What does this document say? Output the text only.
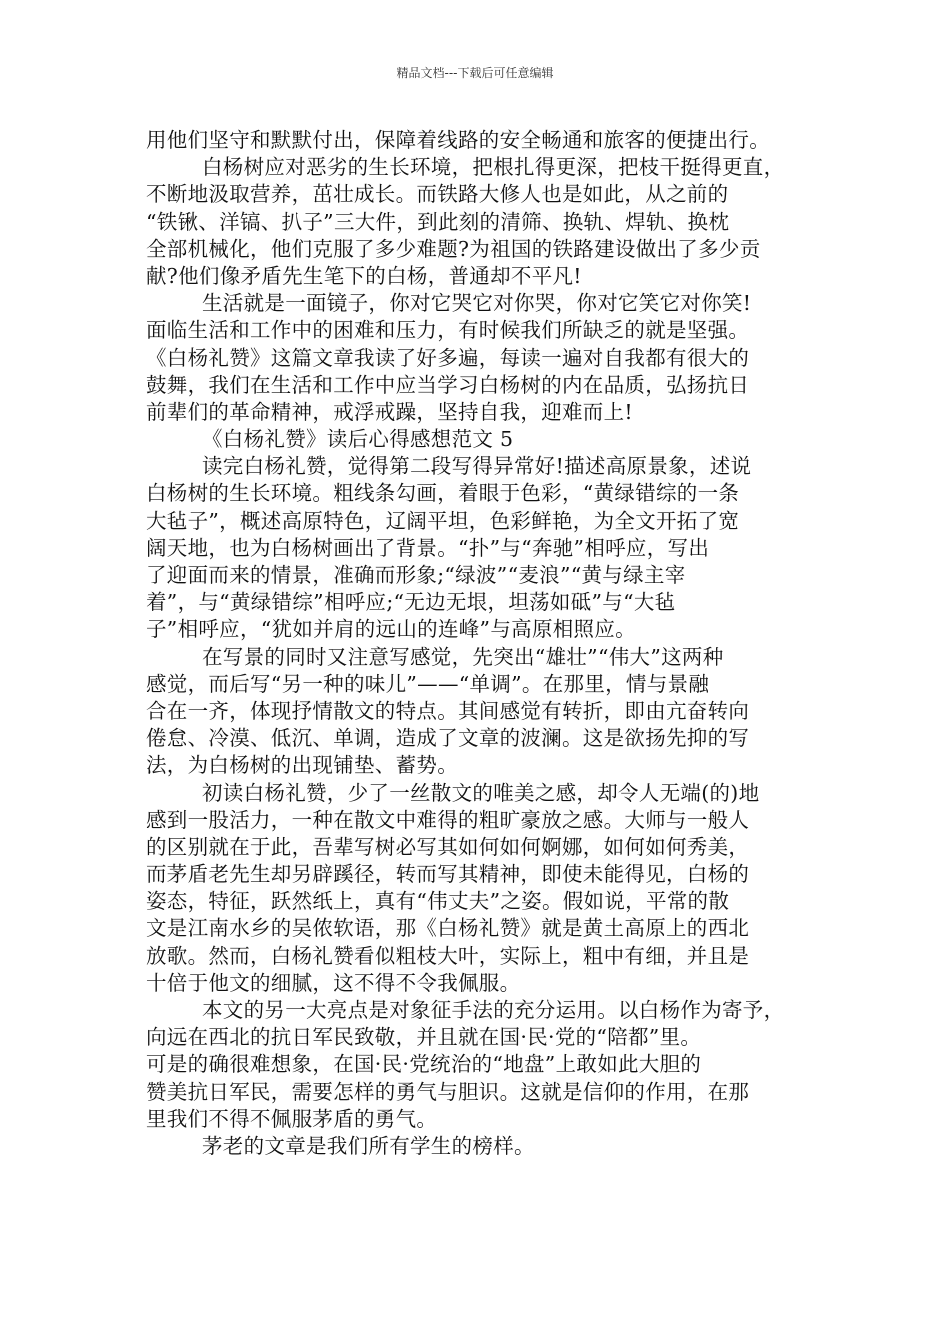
精品文档---下载后可任意编辑
用他们坚守和默默付出，保障着线路的安全畅通和旅客的便捷出行。
白杨树应对恶劣的生长环境，把根扎得更深，把枝干挺得更直，
不断地汲取营养，茁壮成长。而铁路大修人也是如此，从之前的
“铁锹、洋镐、扒子”三大件，到此刻的清筛、换轨、焊轨、换枕
全部机械化，他们克服了多少难题?为祖国的铁路建设做出了多少贡
献?他们像矛盾先生笔下的白杨，普通却不平凡!
生活就是一面镜子，你对它哭它对你哭，你对它笑它对你笑!
面临生活和工作中的困难和压力，有时候我们所缺乏的就是坚强。
《白杨礼赞》这篇文章我读了好多遍，每读一遍对自我都有很大的
鼓舞，我们在生活和工作中应当学习白杨树的内在品质，弘扬抗日
前辈们的革命精神，戒浮戒躁，坚持自我，迎难而上!
《白杨礼赞》读后心得感想范文 5
读完白杨礼赞，觉得第二段写得异常好!描述高原景象，述说
白杨树的生长环境。粗线条勾画，着眼于色彩，“黄绿错综的一条
大毡子”，概述高原特色，辽阔平坦，色彩鲜艳，为全文开拓了宽
阔天地，也为白杨树画出了背景。“扑”与“奔驰”相呼应，写出
了迎面而来的情景，准确而形象;“绿波”“麦浪”“黄与绿主宰
着”，与“黄绿错综”相呼应;“无边无垠，坦荡如砥”与“大毡
子”相呼应，“犹如并肩的远山的连峰”与高原相照应。
在写景的同时又注意写感觉，先突出“雄壮”“伟大”这两种
感觉，而后写“另一种的味儿”——“单调”。在那里，情与景融
合在一齐，体现抒情散文的特点。其间感觉有转折，即由亢奋转向
倦怠、冷漠、低沉、单调，造成了文章的波澜。这是欲扬先抑的写
法，为白杨树的出现铺垫、蓄势。
初读白杨礼赞，少了一丝散文的唯美之感，却令人无端(的)地
感到一股活力，一种在散文中难得的粗旷豪放之感。大师与一般人
的区别就在于此，吾辈写树必写其如何如何婀娜，如何如何秀美，
而茅盾老先生却另辟蹊径，转而写其精神，即使未能得见，白杨的
姿态，特征，跃然纸上，真有“伟丈夫”之姿。假如说，平常的散
文是江南水乡的吴侬软语，那《白杨礼赞》就是黄土高原上的西北
放歌。然而，白杨礼赞看似粗枝大叶，实际上，粗中有细，并且是
十倍于他文的细腻，这不得不令我佩服。
本文的另一大亮点是对象征手法的充分运用。以白杨作为寄予，
向远在西北的抗日军民致敬，并且就在国·民·党的“陪都”里。
可是的确很难想象，在国·民·党统治的“地盘”上敢如此大胆的
赞美抗日军民，需要怎样的勇气与胆识。这就是信仰的作用，在那
里我们不得不佩服茅盾的勇气。
茅老的文章是我们所有学生的榜样。
